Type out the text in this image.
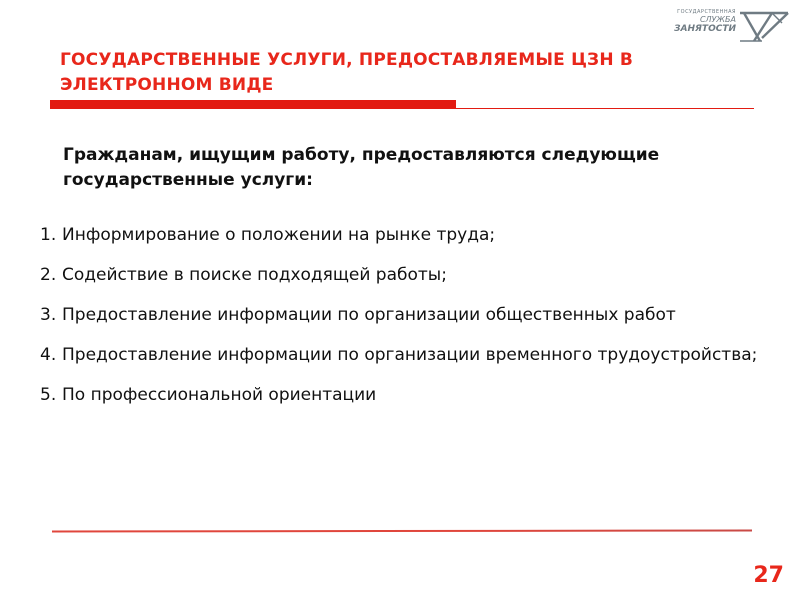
ГОСУДАРСТВЕННАЯ
СЛУЖБА
ЗАНЯТОСТИ
ГОСУДАРСТВЕННЫЕ УСЛУГИ, ПРЕДОСТАВЛЯЕМЫЕ ЦЗН В ЭЛЕКТРОННОМ ВИДЕ

Гражданам, ищущим работу, предоставляются следующие государственные услуги:

1. Информирование о положении на рынке труда;
2. Содействие в поиске подходящей работы;
3. Предоставление информации по организации общественных работ
4. Предоставление информации по организации временного трудоустройства;
5. По профессиональной ориентации
27
